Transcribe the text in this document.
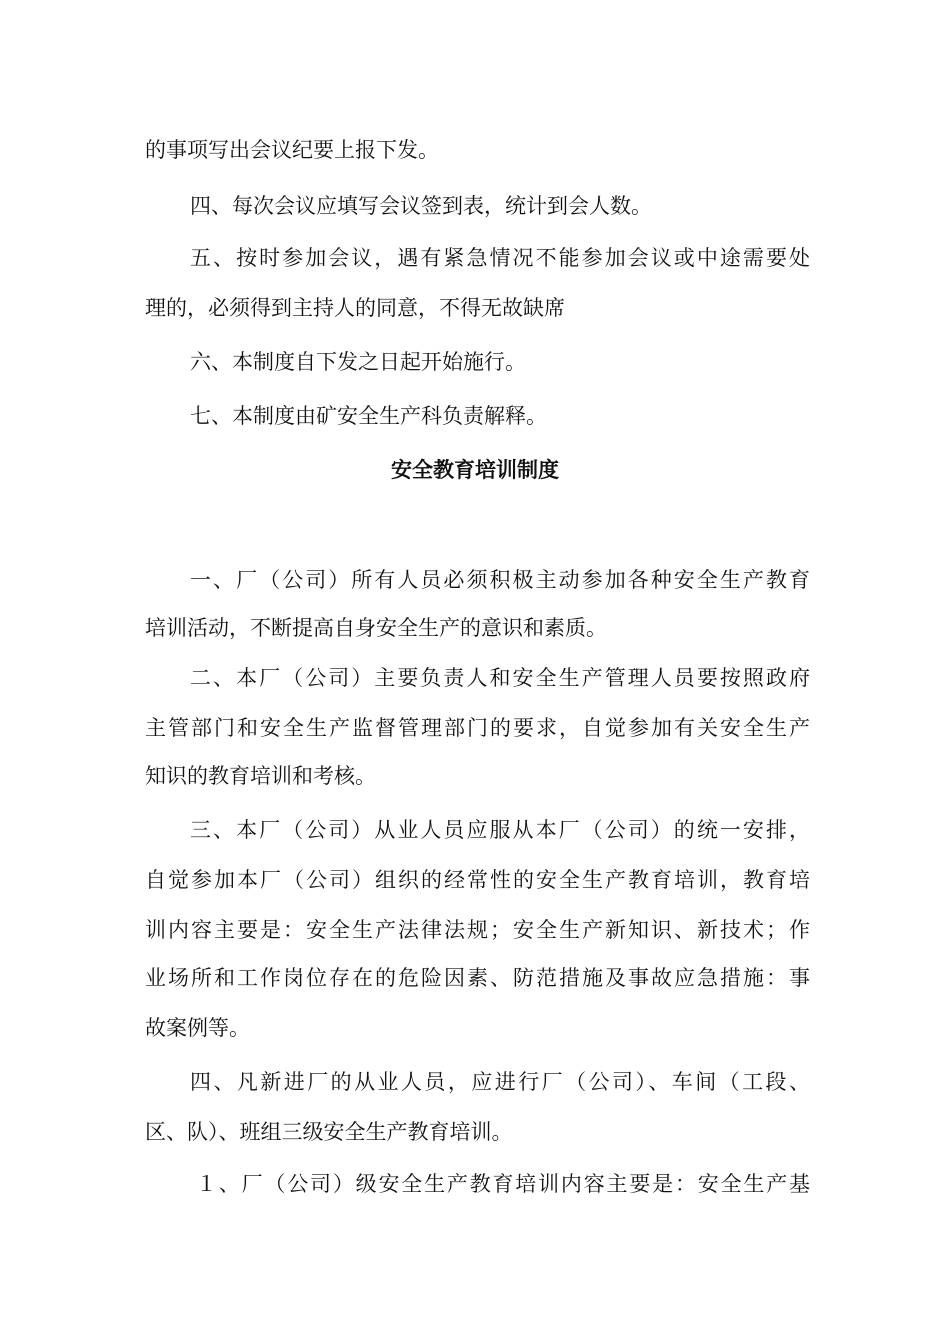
的事项写出会议纪要上报下发。
四、每次会议应填写会议签到表，统计到会人数。
五、按时参加会议，遇有紧急情况不能参加会议或中途需要处
理的，必须得到主持人的同意，不得无故缺席
六、本制度自下发之日起开始施行。
七、本制度由矿安全生产科负责解释。
安全教育培训制度
一、厂（公司）所有人员必须积极主动参加各种安全生产教育
培训活动，不断提高自身安全生产的意识和素质。
二、本厂（公司）主要负责人和安全生产管理人员要按照政府
主管部门和安全生产监督管理部门的要求，自觉参加有关安全生产
知识的教育培训和考核。
三、本厂（公司）从业人员应服从本厂（公司）的统一安排，
自觉参加本厂（公司）组织的经常性的安全生产教育培训，教育培
训内容主要是：安全生产法律法规；安全生产新知识、新技术；作
业场所和工作岗位存在的危险因素、防范措施及事故应急措施：事
故案例等。
四、凡新进厂的从业人员，应进行厂（公司）、车间（工段、
区、队）、班组三级安全生产教育培训。
１、厂（公司）级安全生产教育培训内容主要是：安全生产基
